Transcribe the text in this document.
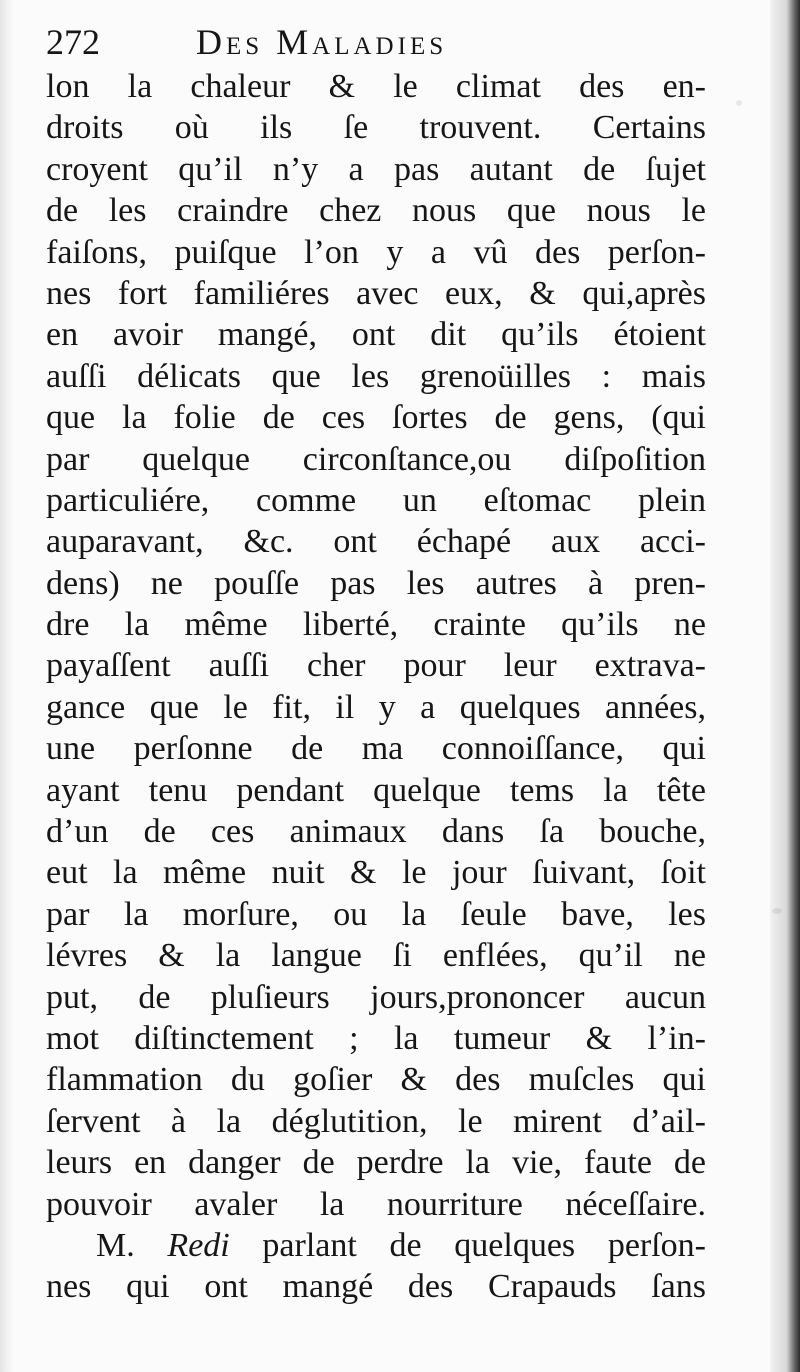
272	Des Maladies
lon la chaleur & le climat des en-
droits où ils ſe trouvent. Certains
croyent qu’il n’y a pas autant de ſujet
de les craindre chez nous que nous le
faiſons, puiſque l’on y a vû des perſon-
nes fort familiéres avec eux, & qui,après
en avoir mangé, ont dit qu’ils étoient
auſſi délicats que les grenoüilles : mais
que la folie de ces ſortes de gens, (qui
par quelque circonſtance,ou diſpoſition
particuliére, comme un eſtomac plein
auparavant, &c. ont échapé aux acci-
dens) ne pouſſe pas les autres à pren-
dre la même liberté, crainte qu’ils ne
payaſſent auſſi cher pour leur extrava-
gance que le fit, il y a quelques années,
une perſonne de ma connoiſſance, qui
ayant tenu pendant quelque tems la tête
d’un de ces animaux dans ſa bouche,
eut la même nuit & le jour ſuivant, ſoit
par la morſure, ou la ſeule bave, les
lévres & la langue ſi enflées, qu’il ne
put, de pluſieurs jours,prononcer aucun
mot diſtinctement ; la tumeur & l’in-
flammation du goſier & des muſcles qui
ſervent à la déglutition, le mirent d’ail-
leurs en danger de perdre la vie, faute de
pouvoir avaler la nourriture néceſſaire.
M. Redi parlant de quelques perſon-
nes qui ont mangé des Crapauds ſans
